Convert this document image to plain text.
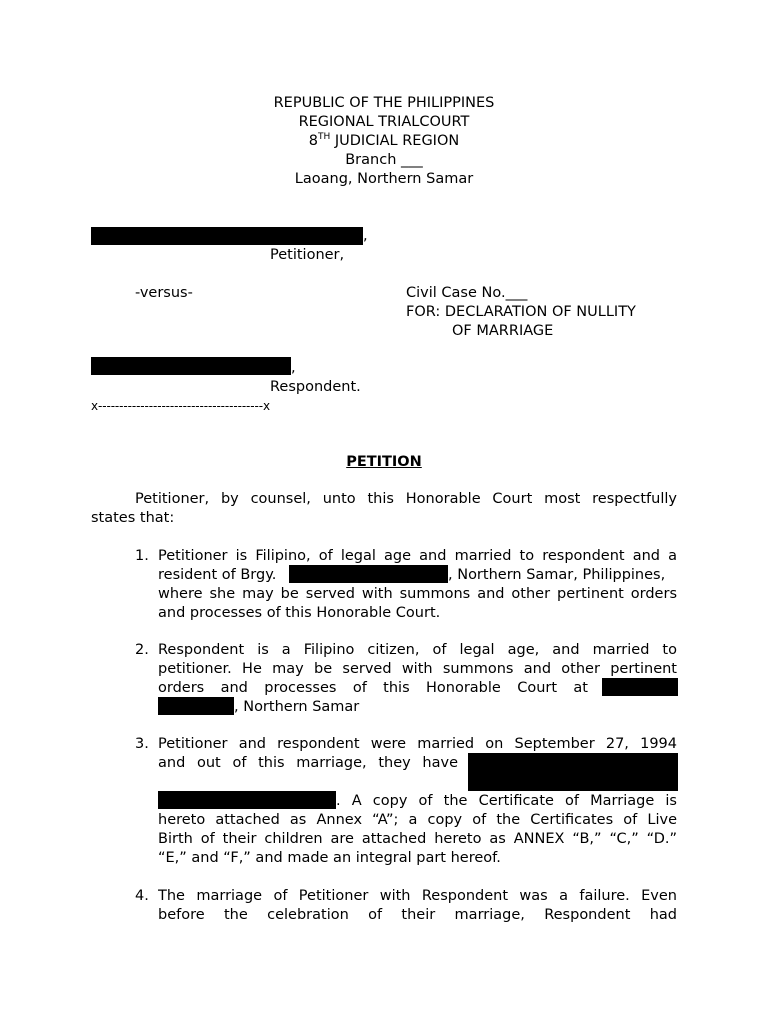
REPUBLIC OF THE PHILIPPINES
REGIONAL TRIALCOURT
8TH JUDICIAL REGION
Branch ___
Laoang, Northern Samar
,
Petitioner,
-versus-	Civil Case No.___
FOR: DECLARATION OF NULLITY
OF MARRIAGE
,
Respondent.
x---------------------------------------x
PETITION
Petitioner, by counsel, unto this Honorable Court most respectfully
states that:
1. Petitioner is Filipino, of legal age and married to respondent and a
resident of Brgy.	, Northern Samar, Philippines,
where she may be served with summons and other pertinent orders
and processes of this Honorable Court.
2. Respondent is a Filipino citizen, of legal age, and married to
petitioner. He may be served with summons and other pertinent
orders and processes of this Honorable Court at
, Northern Samar
3. Petitioner and respondent were married on September 27, 1994
and out of this marriage, they have
. A copy of the Certificate of Marriage is
hereto attached as Annex “A”; a copy of the Certificates of Live
Birth of their children are attached hereto as ANNEX “B,” “C,” “D.”
“E,” and “F,” and made an integral part hereof.
4. The marriage of Petitioner with Respondent was a failure. Even
before the celebration of their marriage, Respondent had
